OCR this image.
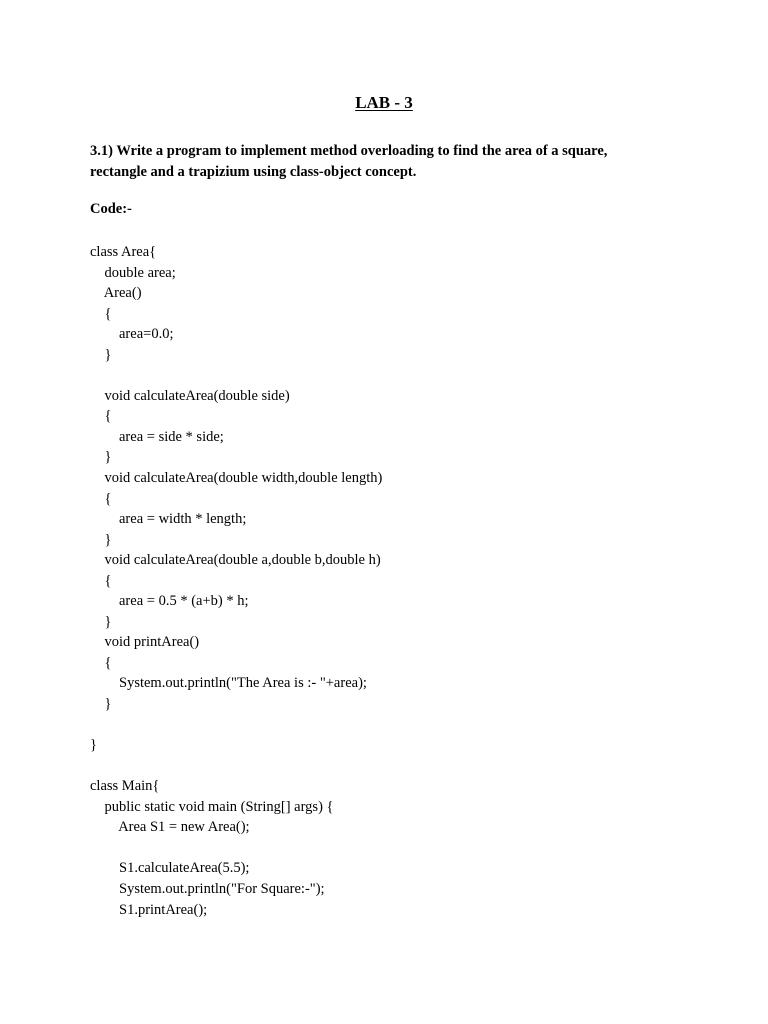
LAB - 3
3.1) Write a program to implement method overloading to find the area of a square,
rectangle and a trapizium using class-object concept.
Code:-
class Area{
double area;
Area()
{
area=0.0;
}
void calculateArea(double side)
{
area = side * side;
}
void calculateArea(double width,double length)
{
area = width * length;
}
void calculateArea(double a,double b,double h)
{
area = 0.5 * (a+b) * h;
}
void printArea()
{
System.out.println("The Area is :- "+area);
}
}
class Main{
public static void main (String[] args) {
Area S1 = new Area();
S1.calculateArea(5.5);
System.out.println("For Square:-");
S1.printArea();
